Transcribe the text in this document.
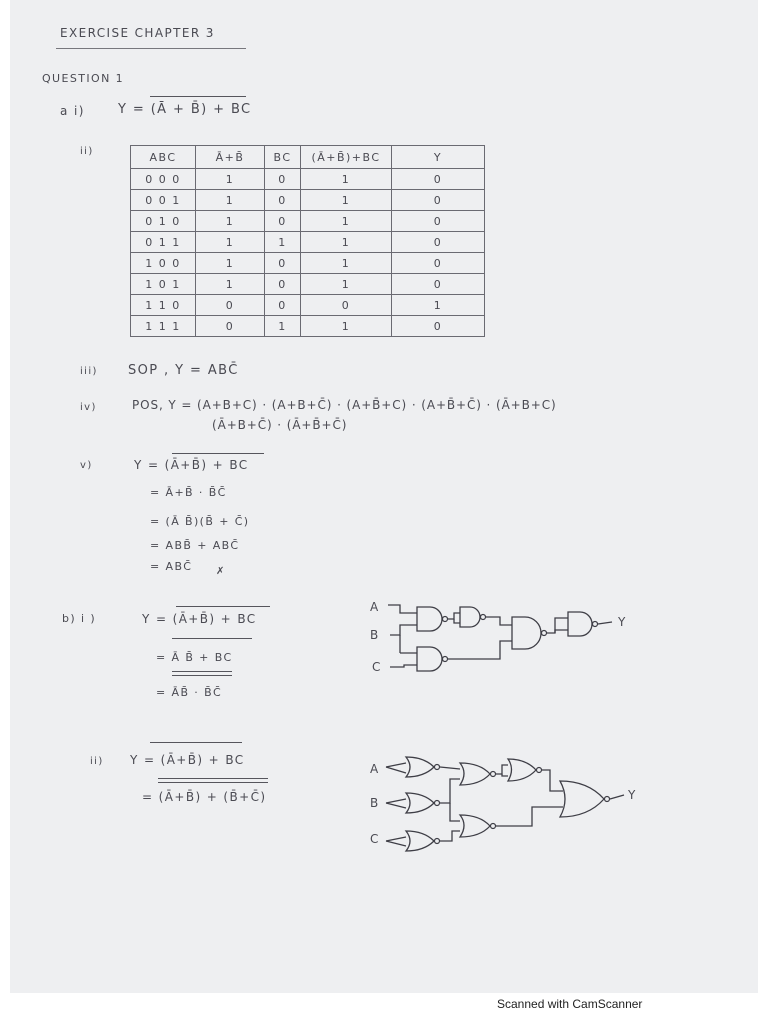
EXERCISE CHAPTER 3
QUESTION 1
a i)	Y = (Ā + B̄) + BC
ii)	ABC	Ā+B̄	BC	(Ā+B̄)+BC	Y
0 0 0	1	0	1	0
0 0 1	1	0	1	0
0 1 0	1	0	1	0
0 1 1	1	1	1	0
1 0 0	1	0	1	0
1 0 1	1	0	1	0
1 1 0	0	0	0	1
1 1 1	0	1	1	0
iii) SOP , Y = ABC̄
iv)	POS, Y = (A+B+C) · (A+B+C̄) · (A+B̄+C) · (A+B̄+C̄) · (Ā+B+C)
(Ā+B+C̄) · (Ā+B̄+C̄)
v)	Y = (Ā+B̄) + BC
= Ā+B̄ · B̄C̄
= (Ā B̄)(B̄ + C̄)
= ABB̄ + ABC̄
= ABC̄ ✗
b) i )	Y = (Ā+B̄) + BC
= Ā B̄ + BC
= ĀB̄ · B̄C̄
ii) Y = (Ā+B̄) + BC
= (Ā+B̄) + (B̄+C̄)
A
B
C
Y
A
B
C
Y
Scanned with CamScanner
